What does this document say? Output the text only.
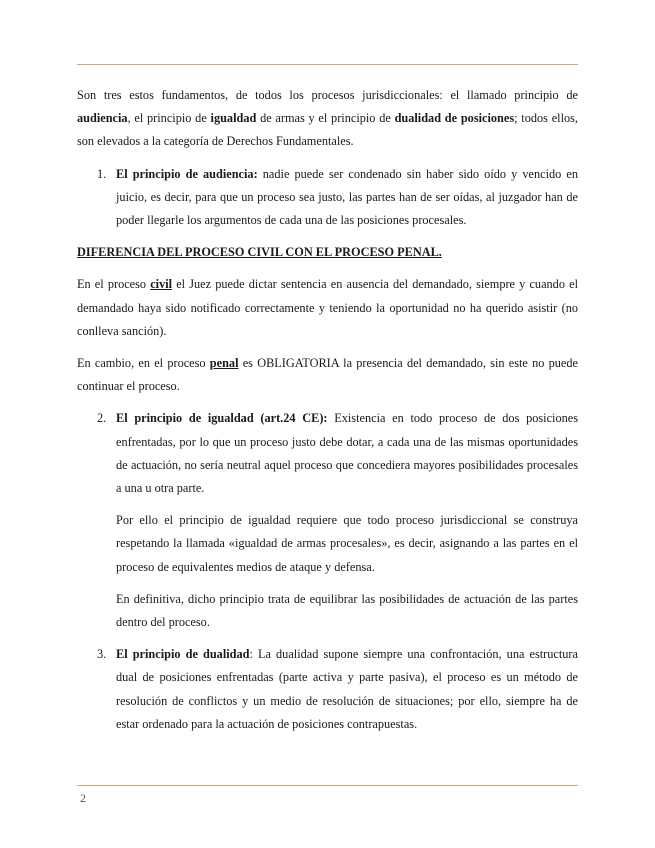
Son tres estos fundamentos, de todos los procesos jurisdiccionales: el llamado principio de audiencia, el principio de igualdad de armas y el principio de dualidad de posiciones; todos ellos, son elevados a la categoría de Derechos Fundamentales.

1. El principio de audiencia: nadie puede ser condenado sin haber sido oído y vencido en juicio, es decir, para que un proceso sea justo, las partes han de ser oídas, al juzgador han de poder llegarle los argumentos de cada una de las posiciones procesales.

DIFERENCIA DEL PROCESO CIVIL CON EL PROCESO PENAL.

En el proceso civil el Juez puede dictar sentencia en ausencia del demandado, siempre y cuando el demandado haya sido notificado correctamente y teniendo la oportunidad no ha querido asistir (no conlleva sanción).

En cambio, en el proceso penal es OBLIGATORIA la presencia del demandado, sin este no puede continuar el proceso.

2. El principio de igualdad (art.24 CE): Existencia en todo proceso de dos posiciones enfrentadas, por lo que un proceso justo debe dotar, a cada una de las mismas oportunidades de actuación, no sería neutral aquel proceso que concediera mayores posibilidades procesales a una u otra parte.
Por ello el principio de igualdad requiere que todo proceso jurisdiccional se construya respetando la llamada «igualdad de armas procesales», es decir, asignando a las partes en el proceso de equivalentes medios de ataque y defensa.
En definitiva, dicho principio trata de equilibrar las posibilidades de actuación de las partes dentro del proceso.
3. El principio de dualidad: La dualidad supone siempre una confrontación, una estructura dual de posiciones enfrentadas (parte activa y parte pasiva), el proceso es un método de resolución de conflictos y un medio de resolución de situaciones; por ello, siempre ha de estar ordenado para la actuación de posiciones contrapuestas.
2
